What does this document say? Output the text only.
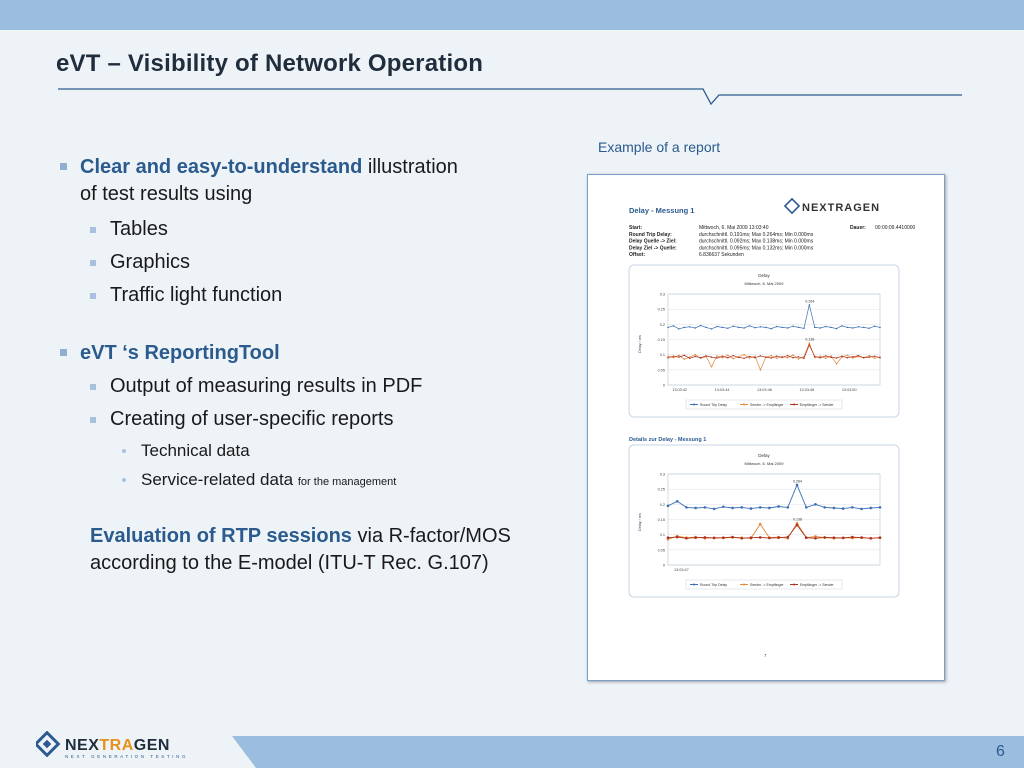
eVT – Visibility of Network Operation
Clear and easy-to-understand illustration
of test results using
Tables
Graphics
Traffic light function
eVT ‘s ReportingTool
Output of measuring results in PDF
Creating of user-specific reports
Technical data
Service-related data for the management
Evaluation of RTP sessions via R-factor/MOS according to the E-model (ITU-T Rec. G.107)
Example of a report
Delay - Messung 1	NEXTRAGEN
Start:	Mittwoch, 6. Mai 2009 13:03:40
Round Trip Delay:	durchschnittl. 0.191ms; Max 0.264ms; Min 0.000ms
Delay Quelle -> Ziel:	durchschnittl. 0.092ms; Max 0.138ms; Min 0.000ms
Delay Ziel -> Quelle:	durchschnittl. 0.095ms; Max 0.132ms; Min 0.000ms
Offset:	6.836637 Sekunden
Dauer: 00:00:09.4410000
Delay
Mittwoch, 6. Mai 2009
Delay / ms
0
0.05
0.1
0.15
0.2
0.25
0.3
13:03:42	13:03:44	13:03:46	13:03:48	13:03:50
0.264
0.138
Round Trip Delay	Sender -> Empfänger	Empfänger -> Sender
Details zur Delay - Messung 1
Delay
Mittwoch, 6. Mai 2009
Delay / ms
0
0.05
0.1
0.15
0.2
0.25
0.3
13:03:47
0.264
0.138
Round Trip Delay	Sender -> Empfänger	Empfänger -> Sender
7
NEXTRAGEN
NEXT GENERATION TESTING	6
